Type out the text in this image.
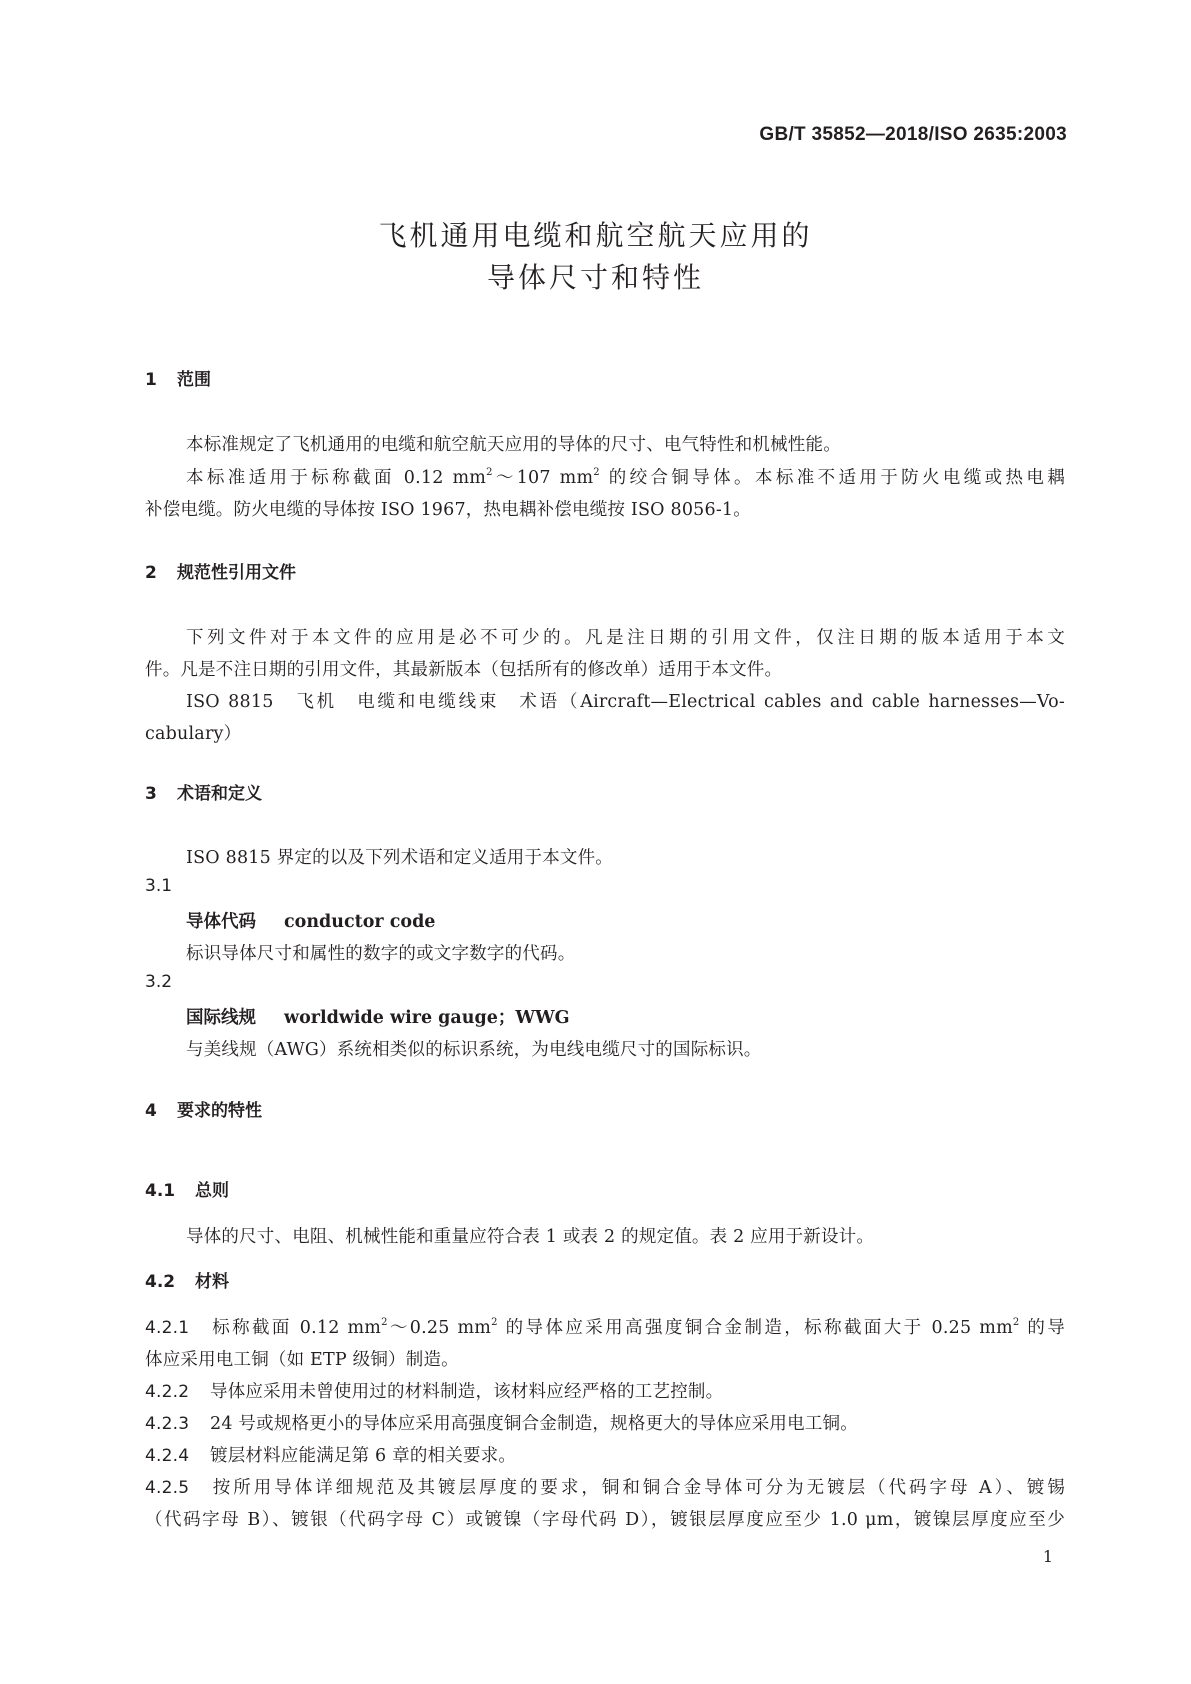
GB/T 35852—2018/ISO 2635:2003
飞机通用电缆和航空航天应用的
导体尺寸和特性
1 范围
本标准规定了飞机通用的电缆和航空航天应用的导体的尺寸、电气特性和机械性能。
本标准适用于标称截面 0.12 $mm^2\sim 107$ $mm^2$ 的绞合铜导体。本标准不适用于防火电缆或热电耦
补偿电缆。防火电缆的导体按 ISO 1967，热电耦补偿电缆按 ISO 8056-1。
2 规范性引用文件
下列文件对于本文件的应用是必不可少的。凡是注日期的引用文件，仅注日期的版本适用于本文
件。凡是不注日期的引用文件，其最新版本（包括所有的修改单）适用于本文件。
ISO 8815　飞机　电缆和电缆线束　术语（Aircraft—Electrical cables and cable harnesses—Vo-
cabulary）
3 术语和定义
ISO 8815 界定的以及下列术语和定义适用于本文件。
3.1
导体代码 conductor code
标识导体尺寸和属性的数字的或文字数字的代码。
3.2
国际线规 worldwide wire gauge；WWG
与美线规（AWG）系统相类似的标识系统，为电线电缆尺寸的国际标识。
4 要求的特性
4.1 总则
导体的尺寸、电阻、机械性能和重量应符合表 1 或表 2 的规定值。表 2 应用于新设计。
4.2 材料
4.2.1 标称截面 0.12 $mm^2\sim 0.25$ $mm^2$ 的导体应采用高强度铜合金制造，标称截面大于 0.25 $mm^2$ 的导
体应采用电工铜（如 ETP 级铜）制造。
4.2.2 导体应采用未曾使用过的材料制造，该材料应经严格的工艺控制。
4.2.3 24 号或规格更小的导体应采用高强度铜合金制造，规格更大的导体应采用电工铜。
4.2.4 镀层材料应能满足第 6 章的相关要求。
4.2.5 按所用导体详细规范及其镀层厚度的要求，铜和铜合金导体可分为无镀层（代码字母 A）、镀锡
（代码字母 B）、镀银（代码字母 C）或镀镍（字母代码 D），镀银层厚度应至少 1.0 μm，镀镍层厚度应至少
1
